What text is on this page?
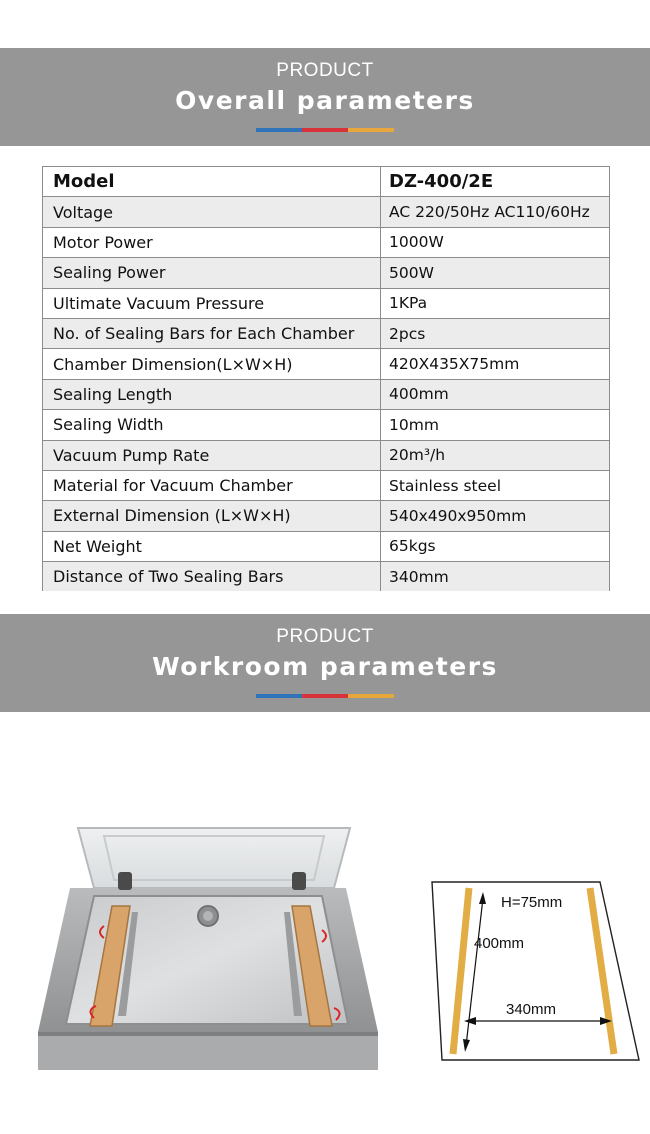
PRODUCT
Overall parameters
Model	DZ-400/2E
Voltage	AC 220/50Hz AC110/60Hz
Motor Power	1000W
Sealing Power	500W
Ultimate Vacuum Pressure	1KPa
No. of Sealing Bars for Each Chamber	2pcs
Chamber Dimension(L×W×H)	420X435X75mm
Sealing Length	400mm
Sealing Width	10mm
Vacuum Pump Rate	20m³/h
Material for Vacuum Chamber	Stainless steel
External Dimension (L×W×H)	540x490x950mm
Net Weight	65kgs
Distance of Two Sealing Bars	340mm
PRODUCT
Workroom parameters
H=75mm
400mm
340mm
